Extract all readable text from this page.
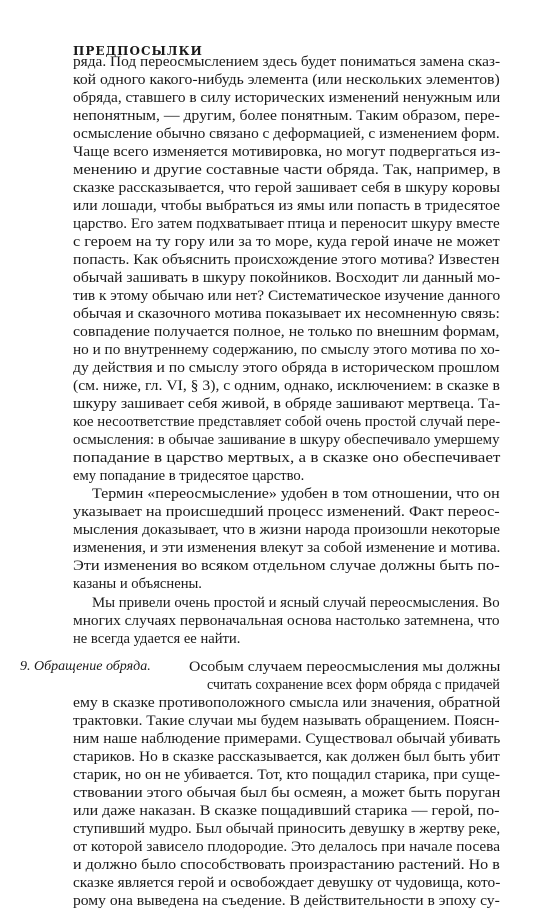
ПРЕДПОСЫЛКИ
ряда. Под переосмыслением здесь будет пониматься замена сказ-
кой одного какого-нибудь элемента (или нескольких элементов)
обряда, ставшего в силу исторических изменений ненужным или
непонятным, — другим, более понятным. Таким образом, пере-
осмысление обычно связано с деформацией, с изменением форм.
Чаще всего изменяется мотивировка, но могут подвергаться из-
менению и другие составные части обряда. Так, например, в
сказке рассказывается, что герой зашивает себя в шкуру коровы
или лошади, чтобы выбраться из ямы или попасть в тридесятое
царство. Его затем подхватывает птица и переносит шкуру вместе
с героем на ту гору или за то море, куда герой иначе не может
попасть. Как объяснить происхождение этого мотива? Известен
обычай зашивать в шкуру покойников. Восходит ли данный мо-
тив к этому обычаю или нет? Систематическое изучение данного
обычая и сказочного мотива показывает их несомненную связь:
совпадение получается полное, не только по внешним формам,
но и по внутреннему содержанию, по смыслу этого мотива по хо-
ду действия и по смыслу этого обряда в историческом прошлом
(см. ниже, гл. VI, § 3), с одним, однако, исключением: в сказке в
шкуру зашивает себя живой, в обряде зашивают мертвеца. Та-
кое несоответствие представляет собой очень простой случай пере-
осмысления: в обычае зашивание в шкуру обеспечивало умершему
попадание в царство мертвых, а в сказке оно обеспечивает
ему попадание в тридесятое царство.
Термин «переосмысление» удобен в том отношении, что он
указывает на происшедший процесс изменений. Факт переос-
мысления доказывает, что в жизни народа произошли некоторые
изменения, и эти изменения влекут за собой изменение и мотива.
Эти изменения во всяком отдельном случае должны быть по-
казаны и объяснены.
Мы привели очень простой и ясный случай переосмысления. Во
многих случаях первоначальная основа настолько затемнена, что
не всегда удается ее найти.
Особым случаем переосмысления мы должны
считать сохранение всех форм обряда с придачей
ему в сказке противоположного смысла или значения, обратной
трактовки. Такие случаи мы будем называть обращением. Поясн-
ним наше наблюдение примерами. Существовал обычай убивать
стариков. Но в сказке рассказывается, как должен был быть убит
старик, но он не убивается. Тот, кто пощадил старика, при суще-
ствовании этого обычая был бы осмеян, а может быть поруган
или даже наказан. В сказке пощадивший старика — герой, по-
ступивший мудро. Был обычай приносить девушку в жертву реке,
от которой зависело плодородие. Это делалось при начале посева
и должно было способствовать произрастанию растений. Но в
сказке является герой и освобождает девушку от чудовища, кото-
рому она выведена на съедение. В действительности в эпоху су-
9. Обращение обряда.
